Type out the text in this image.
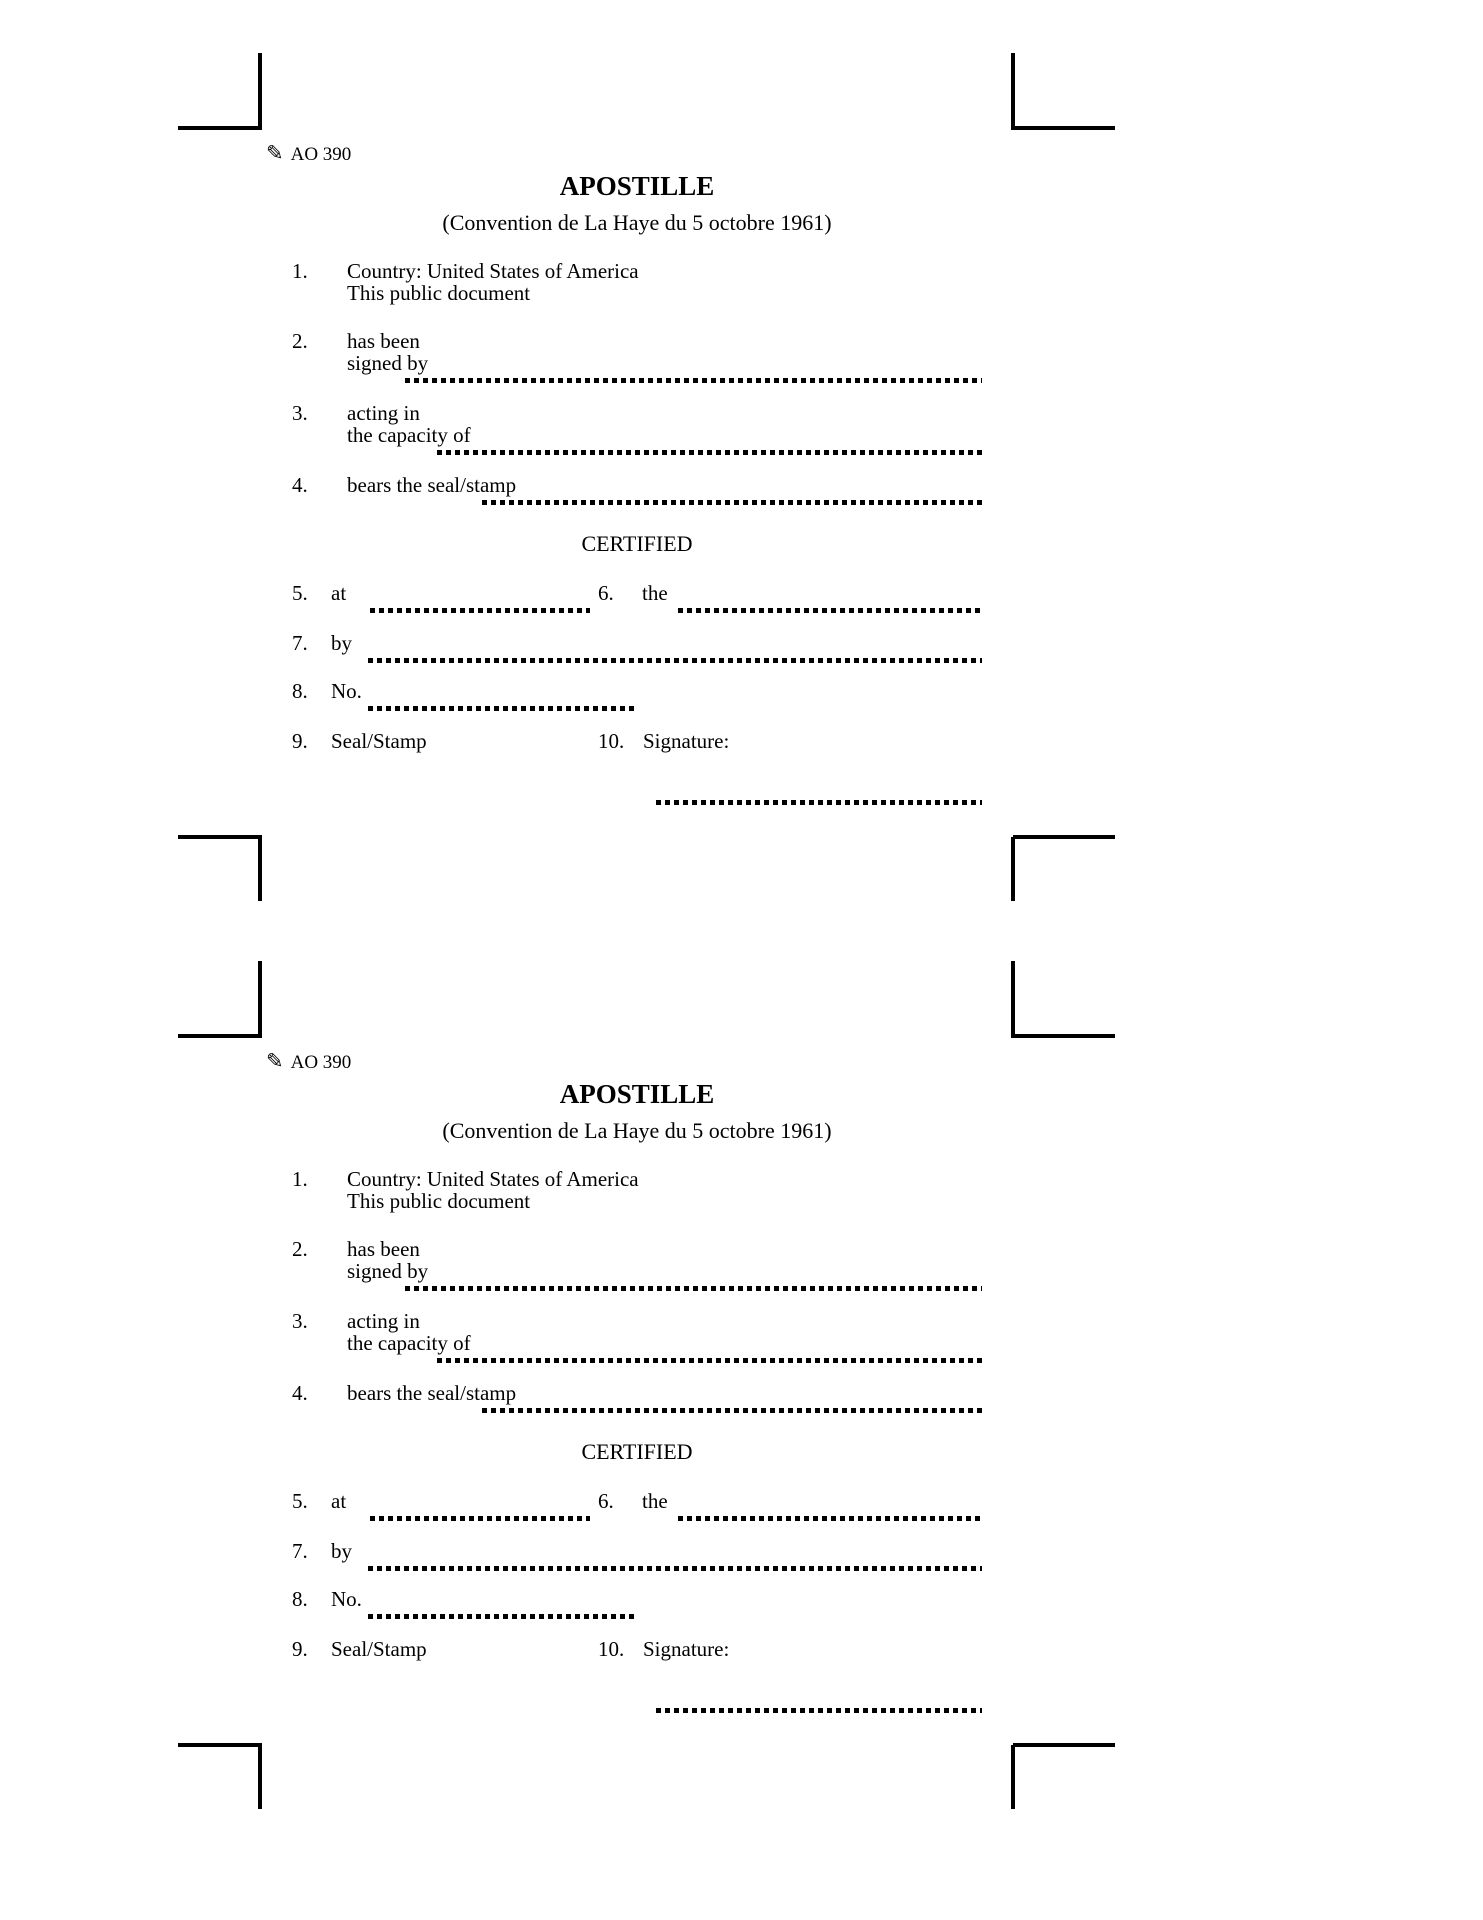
✎ AO 390
APOSTILLE
(Convention de La Haye du 5 octobre 1961)
1. Country: United States of America
This public document
2. has been
signed by
3. acting in
the capacity of
4. bears the seal/stamp
CERTIFIED
5. at	6. the
7. by
8. No.
9. Seal/Stamp	10. Signature:
✎ AO 390
APOSTILLE
(Convention de La Haye du 5 octobre 1961)
1. Country: United States of America
This public document
2. has been
signed by
3. acting in
the capacity of
4. bears the seal/stamp
CERTIFIED
5. at	6. the
7. by
8. No.
9. Seal/Stamp	10. Signature:
